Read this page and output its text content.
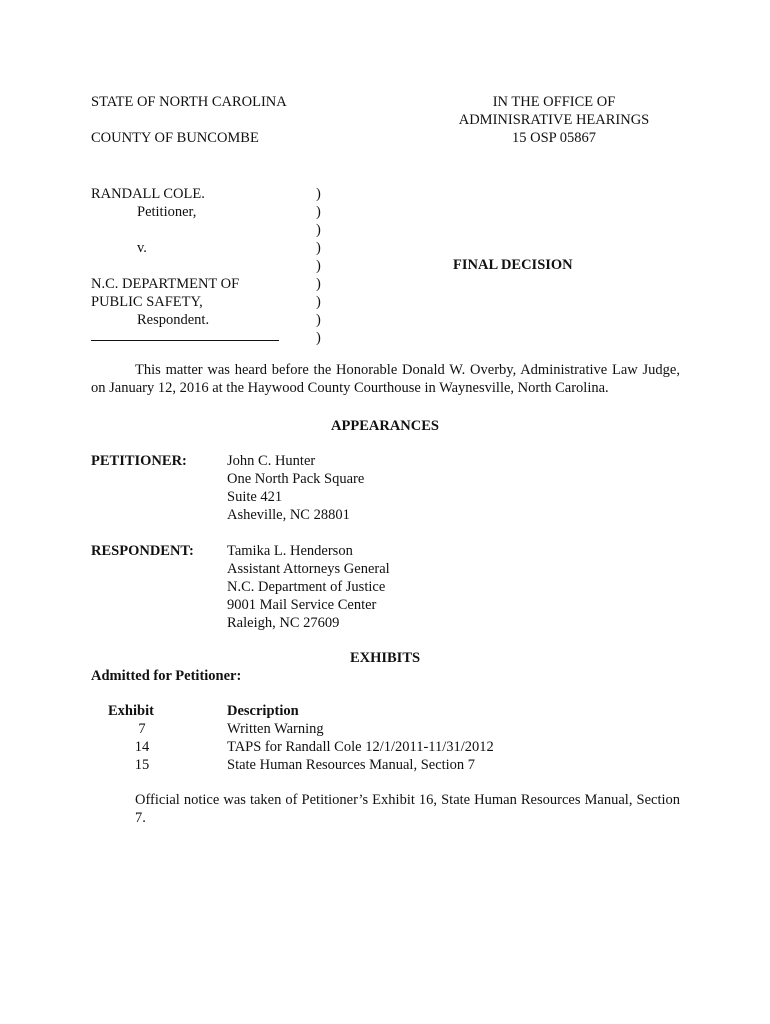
STATE OF NORTH CAROLINA
COUNTY OF BUNCOMBE
IN THE OFFICE OF
ADMINISRATIVE HEARINGS
15 OSP 05867
RANDALL COLE.
Petitioner,
v.
N.C. DEPARTMENT OF
PUBLIC SAFETY,
Respondent.
)
)
)
)
)
)
)
)
)
FINAL DECISION
This matter was heard before the Honorable Donald W. Overby, Administrative Law Judge, on January 12, 2016 at the Haywood County Courthouse in Waynesville, North Carolina.
APPEARANCES
PETITIONER:	John C. Hunter
One North Pack Square
Suite 421
Asheville, NC 28801
RESPONDENT: Tamika L. Henderson
Assistant Attorneys General
N.C. Department of Justice
9001 Mail Service Center
Raleigh, NC 27609
EXHIBITS
Admitted for Petitioner:
Exhibit	Description
7	Written Warning
14	TAPS for Randall Cole 12/1/2011-11/31/2012
15	State Human Resources Manual, Section 7
Official notice was taken of Petitioner’s Exhibit 16, State Human Resources Manual, Section 7.
